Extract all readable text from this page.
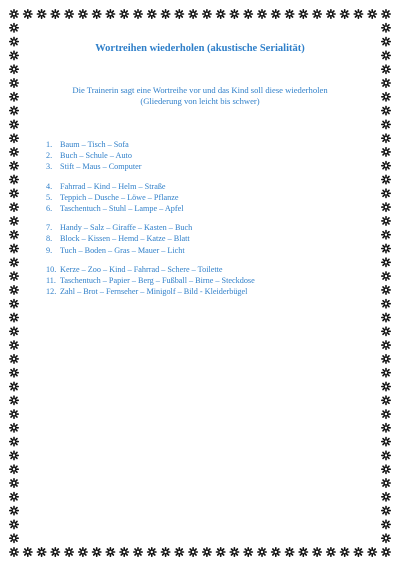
Wortreihen wiederholen (akustische Serialität)
Die Trainerin sagt eine Wortreihe vor und das Kind soll diese wiederholen
(Gliederung von leicht bis schwer)
1. Baum – Tisch – Sofa
2. Buch – Schule – Auto
3. Stift – Maus – Computer
4. Fahrrad – Kind – Helm – Straße
5. Teppich – Dusche – Löwe – Pflanze
6. Taschentuch – Stuhl – Lampe – Apfel
7. Handy – Salz – Giraffe – Kasten – Buch
8. Block – Kissen – Hemd – Katze – Blatt
9. Tuch – Boden – Gras – Mauer – Licht
10. Kerze – Zoo – Kind – Fahrrad – Schere – Toilette
11. Taschentuch – Papier – Berg – Fußball – Birne – Steckdose
12. Zahl – Brot – Fernseher – Minigolf – Bild - Kleiderbügel
